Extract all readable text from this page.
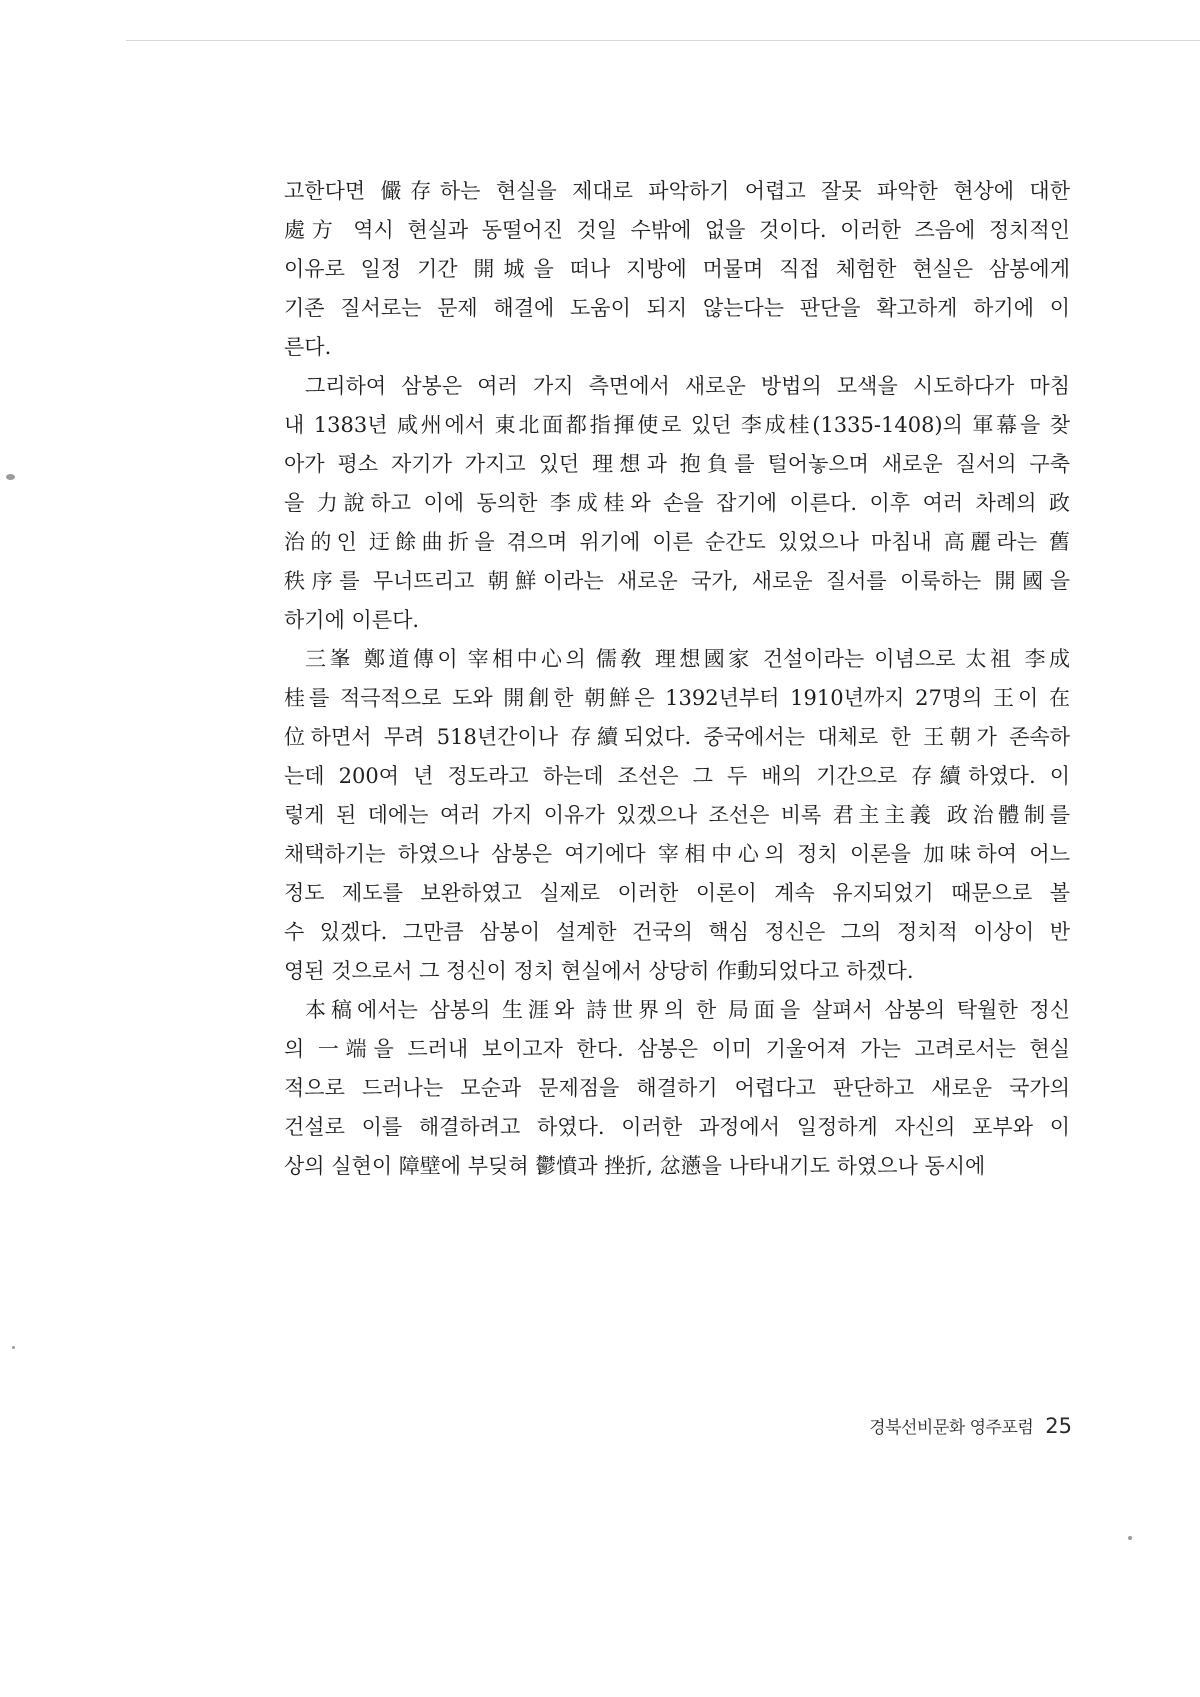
고한다면 儼存하는 현실을 제대로 파악하기 어렵고 잘못 파악한 현상에 대한
處方 역시 현실과 동떨어진 것일 수밖에 없을 것이다. 이러한 즈음에 정치적인
이유로 일정 기간 開城을 떠나 지방에 머물며 직접 체험한 현실은 삼봉에게
기존 질서로는 문제 해결에 도움이 되지 않는다는 판단을 확고하게 하기에 이
른다.
그리하여 삼봉은 여러 가지 측면에서 새로운 방법의 모색을 시도하다가 마침
내 1383년 咸州에서 東北面都指揮使로 있던 李成桂(1335-1408)의 軍幕을 찾
아가 평소 자기가 가지고 있던 理想과 抱負를 털어놓으며 새로운 질서의 구축
을 力說하고 이에 동의한 李成桂와 손을 잡기에 이른다. 이후 여러 차례의 政
治的인 迂餘曲折을 겪으며 위기에 이른 순간도 있었으나 마침내 高麗라는 舊
秩序를 무너뜨리고 朝鮮이라는 새로운 국가, 새로운 질서를 이룩하는 開國을
하기에 이른다.
三峯 鄭道傳이 宰相中心의 儒敎 理想國家 건설이라는 이념으로 太祖 李成
桂를 적극적으로 도와 開創한 朝鮮은 1392년부터 1910년까지 27명의 王이 在
位하면서 무려 518년간이나 存續되었다. 중국에서는 대체로 한 王朝가 존속하
는데 200여 년 정도라고 하는데 조선은 그 두 배의 기간으로 存續하였다. 이
렇게 된 데에는 여러 가지 이유가 있겠으나 조선은 비록 君主主義 政治體制를
채택하기는 하였으나 삼봉은 여기에다 宰相中心의 정치 이론을 加味하여 어느
정도 제도를 보완하였고 실제로 이러한 이론이 계속 유지되었기 때문으로 볼
수 있겠다. 그만큼 삼봉이 설계한 건국의 핵심 정신은 그의 정치적 이상이 반
영된 것으로서 그 정신이 정치 현실에서 상당히 作動되었다고 하겠다.
本稿에서는 삼봉의 生涯와 詩世界의 한 局面을 살펴서 삼봉의 탁월한 정신
의 一端을 드러내 보이고자 한다. 삼봉은 이미 기울어져 가는 고려로서는 현실
적으로 드러나는 모순과 문제점을 해결하기 어렵다고 판단하고 새로운 국가의
건설로 이를 해결하려고 하였다. 이러한 과정에서 일정하게 자신의 포부와 이
상의 실현이 障壁에 부딪혀 鬱憤과 挫折, 忿懣을 나타내기도 하였으나 동시에
경북선비문화 영주포럼 25
